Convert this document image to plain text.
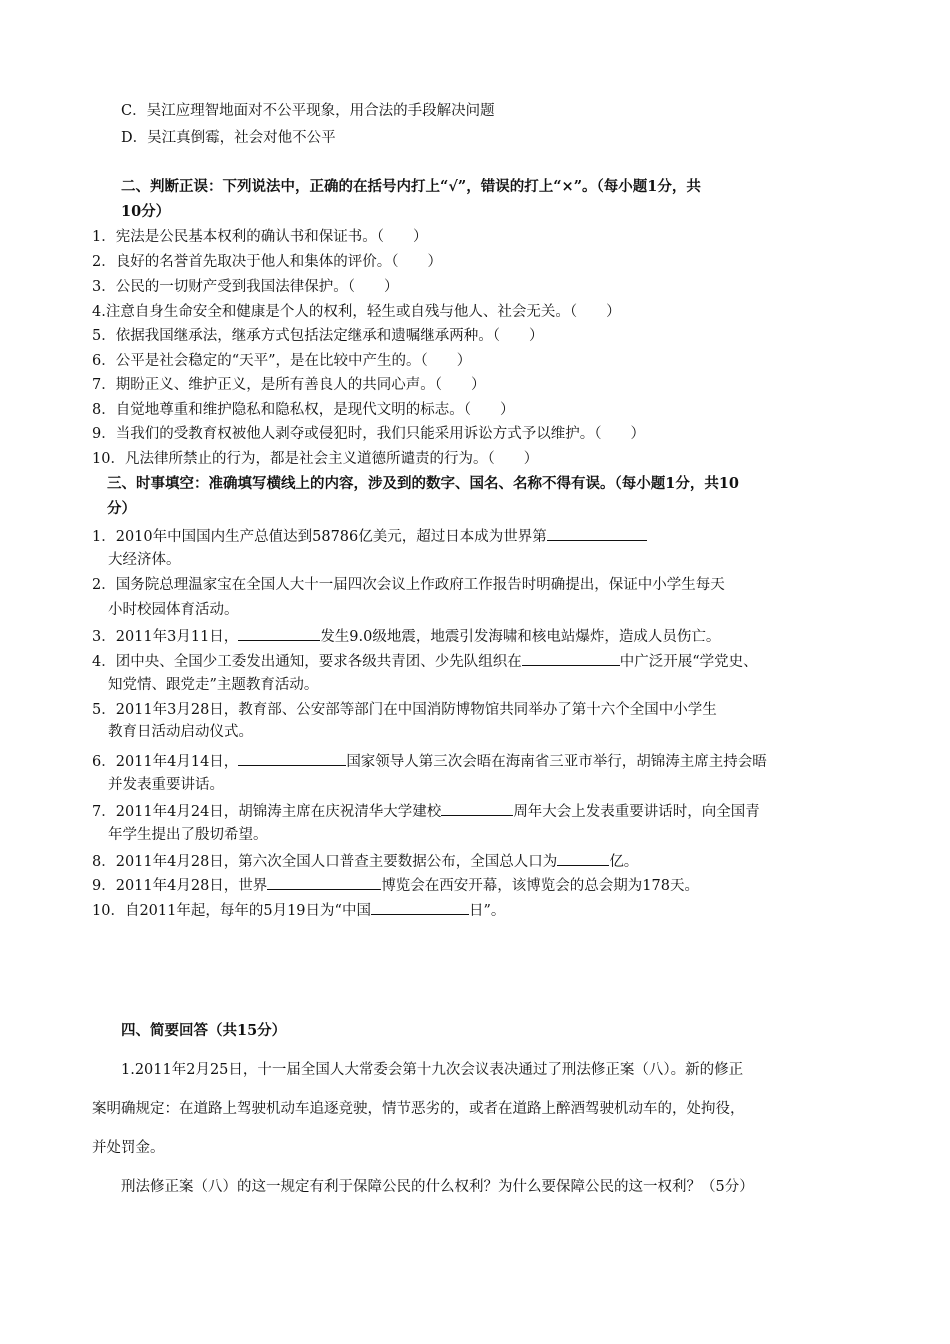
C．吴江应理智地面对不公平现象，用合法的手段解决问题
D．吴江真倒霉，社会对他不公平
二、判断正误：下列说法中，正确的在括号内打上“√”，错误的打上“×”。（每小题1分，共
10分）
1．宪法是公民基本权利的确认书和保证书。（　　）
2．良好的名誉首先取决于他人和集体的评价。（　　）
3．公民的一切财产受到我国法律保护。（　　）
4.注意自身生命安全和健康是个人的权利，轻生或自残与他人、社会无关。（　　）
5．依据我国继承法，继承方式包括法定继承和遗嘱继承两种。（　　）
6．公平是社会稳定的“天平”，是在比较中产生的。（　　）
7．期盼正义、维护正义，是所有善良人的共同心声。（　　）
8．自觉地尊重和维护隐私和隐私权，是现代文明的标志。（　　）
9．当我们的受教育权被他人剥夺或侵犯时，我们只能采用诉讼方式予以维护。（　　）
10．凡法律所禁止的行为，都是社会主义道德所谴责的行为。（　　）
三、时事填空：准确填写横线上的内容，涉及到的数字、国名、名称不得有误。（每小题1分，共10
分）
1．2010年中国国内生产总值达到58786亿美元，超过日本成为世界第
大经济体。
2．国务院总理温家宝在全国人大十一届四次会议上作政府工作报告时明确提出，保证中小学生每天
小时校园体育活动。
3．2011年3月11日，	发生9.0级地震，地震引发海啸和核电站爆炸，造成人员伤亡。
4．团中央、全国少工委发出通知，要求各级共青团、少先队组织在	中广泛开展“学党史、
知党情、跟党走”主题教育活动。
5．2011年3月28日，教育部、公安部等部门在中国消防博物馆共同举办了第十六个全国中小学生
教育日活动启动仪式。
6．2011年4月14日，	国家领导人第三次会晤在海南省三亚市举行，胡锦涛主席主持会晤
并发表重要讲话。
7．2011年4月24日，胡锦涛主席在庆祝清华大学建校	周年大会上发表重要讲话时，向全国青
年学生提出了殷切希望。
8．2011年4月28日，第六次全国人口普查主要数据公布，全国总人口为	亿。
9．2011年4月28日，世界	博览会在西安开幕，该博览会的总会期为178天。
10．自2011年起，每年的5月19日为“中国	日”。
四、简要回答（共15分）
1.2011年2月25日，十一届全国人大常委会第十九次会议表决通过了刑法修正案（八）。新的修正
案明确规定：在道路上驾驶机动车追逐竞驶，情节恶劣的，或者在道路上醉酒驾驶机动车的，处拘役，
并处罚金。
刑法修正案（八）的这一规定有利于保障公民的什么权利？为什么要保障公民的这一权利？（5分）
